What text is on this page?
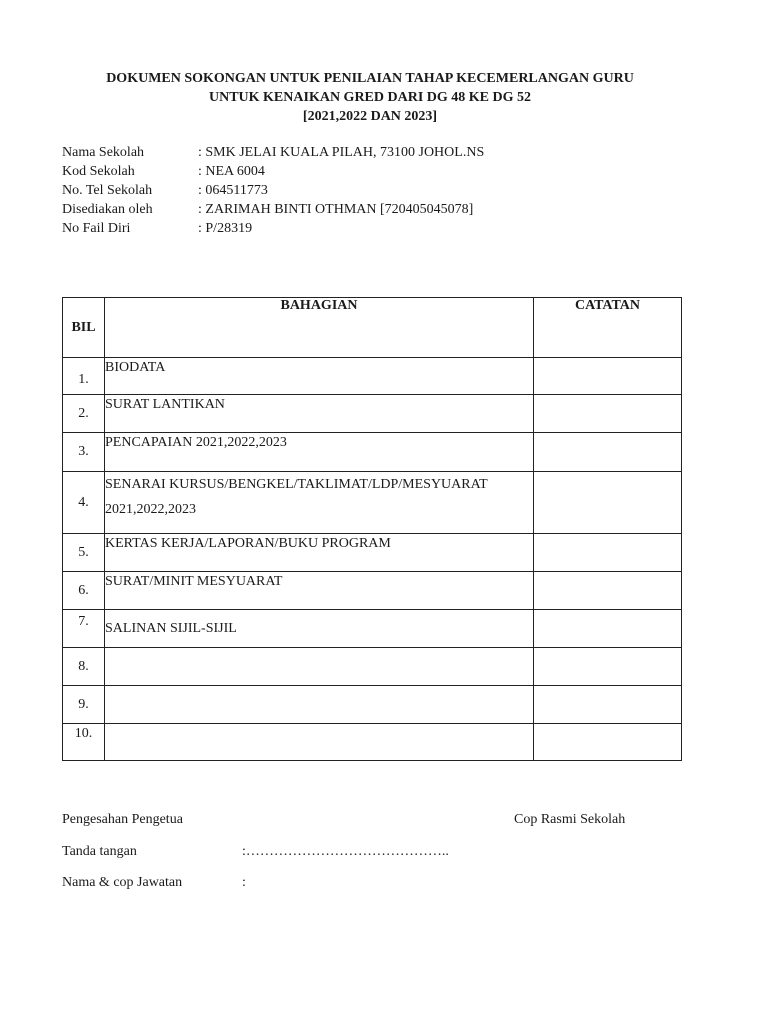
DOKUMEN SOKONGAN UNTUK PENILAIAN TAHAP KECEMERLANGAN GURU
UNTUK KENAIKAN GRED DARI DG 48 KE DG 52
[2021,2022 DAN 2023]
Nama Sekolah	: SMK JELAI KUALA PILAH, 73100 JOHOL.NS
Kod Sekolah	: NEA 6004
No. Tel Sekolah	: 064511773
Disediakan oleh	: ZARIMAH BINTI OTHMAN [720405045078]
No Fail Diri	: P/28319
BIL	BAHAGIAN	CATATAN
1.	BIODATA	
2.	SURAT LANTIKAN	
3.	PENCAPAIAN 2021,2022,2023	
4.	SENARAI KURSUS/BENGKEL/TAKLIMAT/LDP/MESYUARAT
2021,2022,2023	

5.	KERTAS KERJA/LAPORAN/BUKU PROGRAM	
6.	SURAT/MINIT MESYUARAT	
7.	SALINAN SIJIL-SIJIL	
8.		
9.		
10.		
Pengesahan Pengetua	Cop Rasmi Sekolah
Tanda tangan	:……………………………………..
Nama & cop Jawatan	:
